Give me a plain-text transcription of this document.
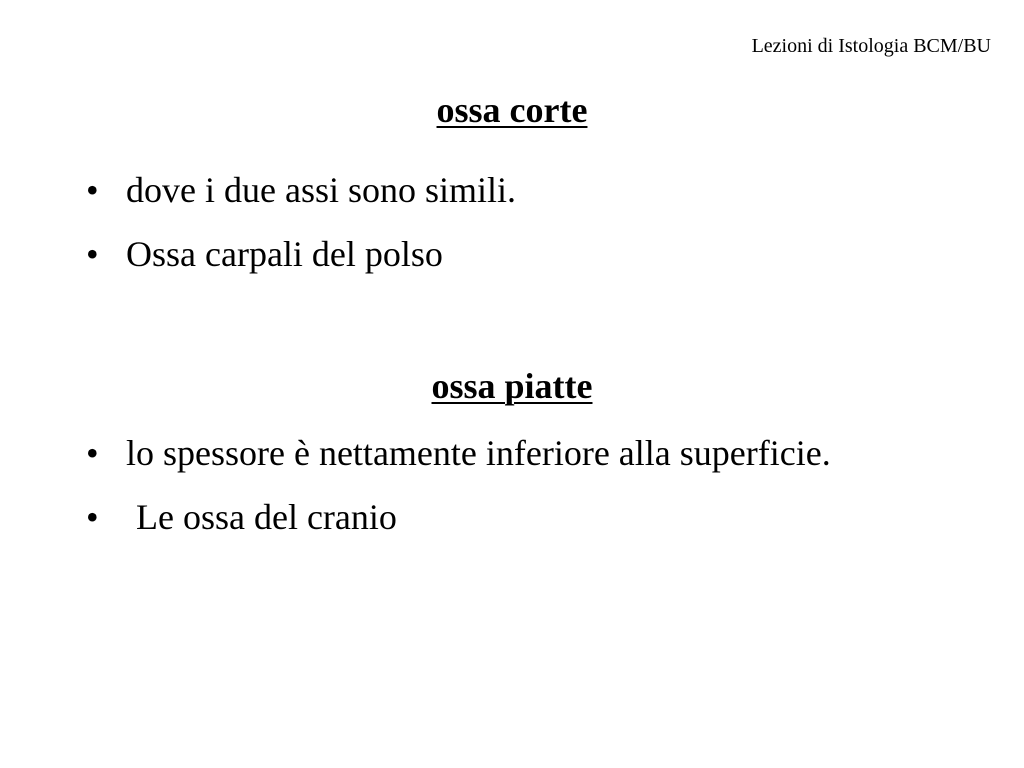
Lezioni di Istologia BCM/BU
ossa corte
• dove i due assi sono simili.
• Ossa carpali del polso
ossa piatte
• lo spessore è nettamente inferiore alla superficie.
• Le ossa del cranio
